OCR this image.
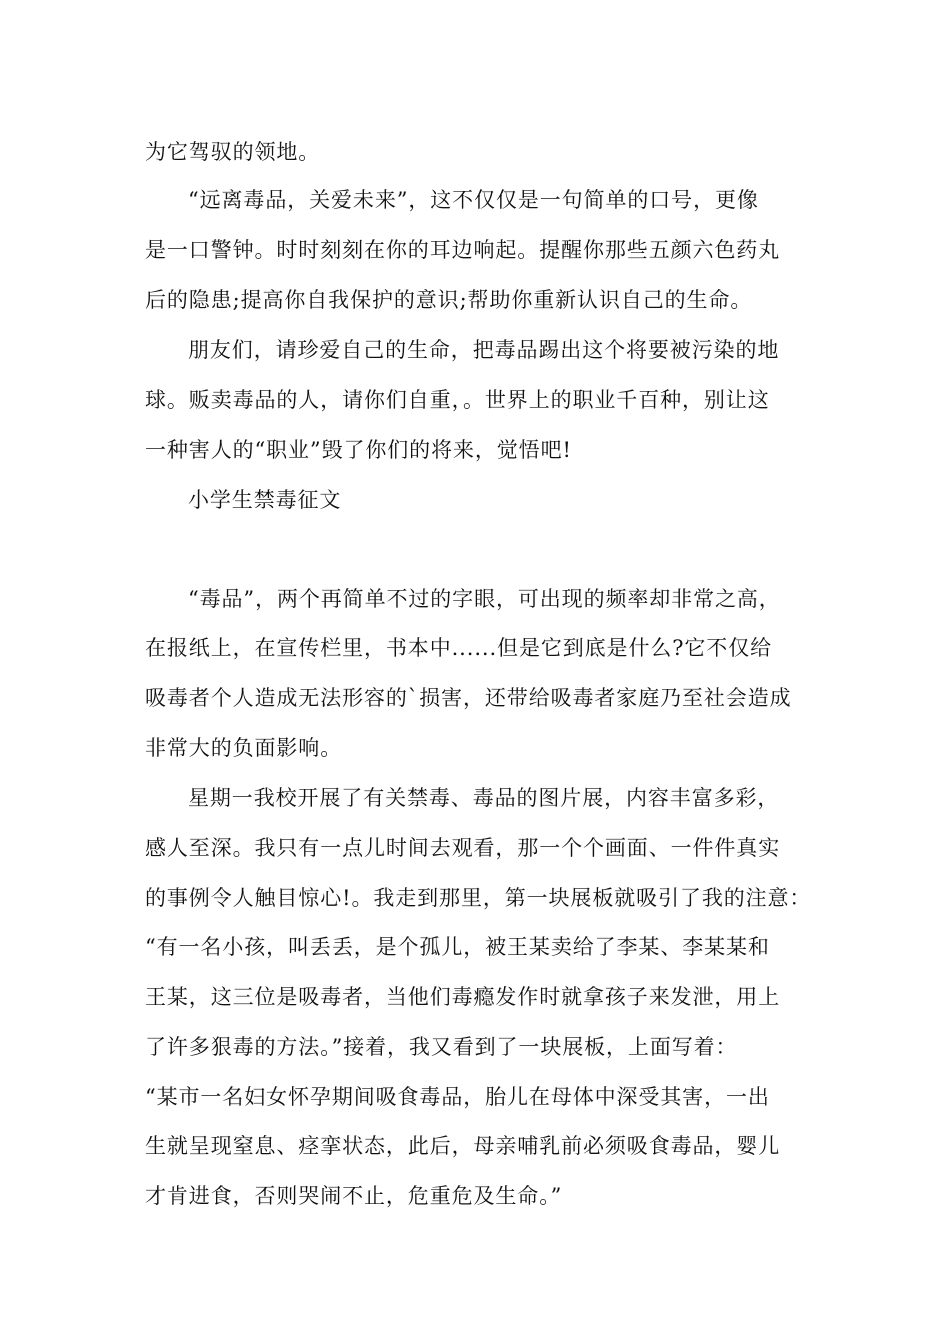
为它驾驭的领地。
“远离毒品，关爱未来”，这不仅仅是一句简单的口号，更像
是一口警钟。时时刻刻在你的耳边响起。提醒你那些五颜六色药丸
后的隐患;提高你自我保护的意识;帮助你重新认识自己的生命。
朋友们，请珍爱自己的生命，把毒品踢出这个将要被污染的地
球。贩卖毒品的人，请你们自重，。世界上的职业千百种，别让这
一种害人的“职业”毁了你们的将来，觉悟吧!
小学生禁毒征文
“毒品”，两个再简单不过的字眼，可出现的频率却非常之高，
在报纸上，在宣传栏里，书本中......但是它到底是什么?它不仅给
吸毒者个人造成无法形容的`损害，还带给吸毒者家庭乃至社会造成
非常大的负面影响。
星期一我校开展了有关禁毒、毒品的图片展，内容丰富多彩，
感人至深。我只有一点儿时间去观看，那一个个画面、一件件真实
的事例令人触目惊心!。我走到那里，第一块展板就吸引了我的注意：
“有一名小孩，叫丢丢，是个孤儿，被王某卖给了李某、李某某和
王某，这三位是吸毒者，当他们毒瘾发作时就拿孩子来发泄，用上
了许多狠毒的方法。”接着，我又看到了一块展板，上面写着：
“某市一名妇女怀孕期间吸食毒品，胎儿在母体中深受其害，一出
生就呈现窒息、痉挛状态，此后，母亲哺乳前必须吸食毒品，婴儿
才肯进食，否则哭闹不止，危重危及生命。”
